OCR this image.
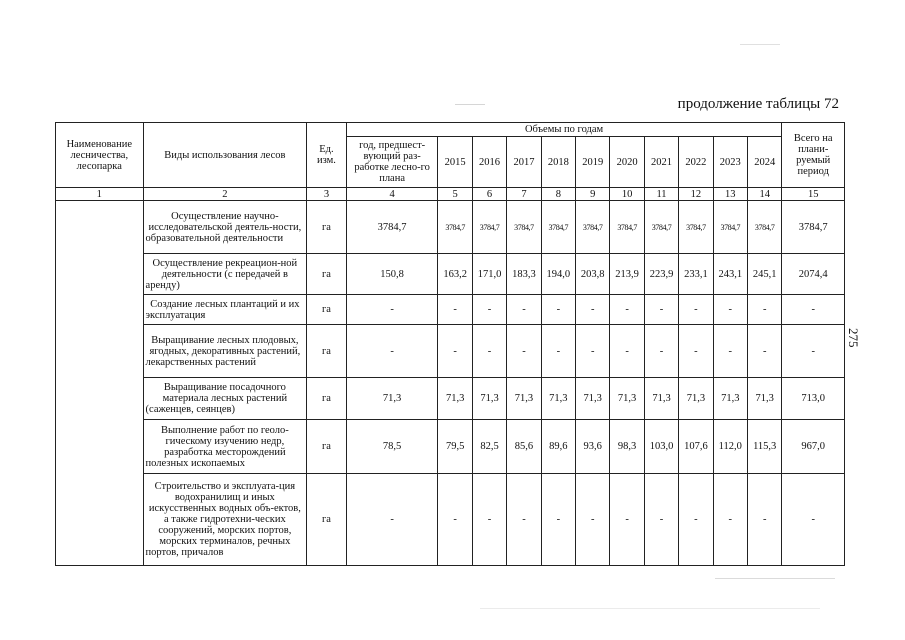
продолжение таблицы 72
275
Наименование лесничества, лесопарка	Виды использования лесов	Ед. изм.	Объемы по годам											Всего на плани-руемый период
			год, предшест-вующий раз-работке лесно-го плана	2015	2016	2017	2018	2019	2020	2021	2022	2023	2024	
1	2	3	4	5	6	7	8	9	10	11	12	13	14	15
	Осуществление научно-исследовательской деятель-ности, образовательной деятельности	га	3784,7	3784,7	3784,7	3784,7	3784,7	3784,7	3784,7	3784,7	3784,7	3784,7	3784,7	3784,7
	Осуществление рекреацион-ной деятельности (с передачей в аренду)	га	150,8	163,2	171,0	183,3	194,0	203,8	213,9	223,9	233,1	243,1	245,1	2074,4
	Создание лесных плантаций и их эксплуатация	га	-	-	-	-	-	-	-	-	-	-	-	-
	Выращивание лесных плодовых, ягодных, декоративных растений, лекарственных растений	га	-	-	-	-	-	-	-	-	-	-	-	-
	Выращивание посадочного материала лесных растений (саженцев, сеянцев)	га	71,3	71,3	71,3	71,3	71,3	71,3	71,3	71,3	71,3	71,3	71,3	713,0
	Выполнение работ по геоло-гическому изучению недр, разработка месторождений полезных ископаемых	га	78,5	79,5	82,5	85,6	89,6	93,6	98,3	103,0	107,6	112,0	115,3	967,0
	Строительство и эксплуата-ция водохранилищ и иных искусственных водных объ-ектов, а также гидротехни-ческих сооружений, морских портов, морских терминалов, речных портов, причалов	га	-	-	-	-	-	-	-	-	-	-	-	-
